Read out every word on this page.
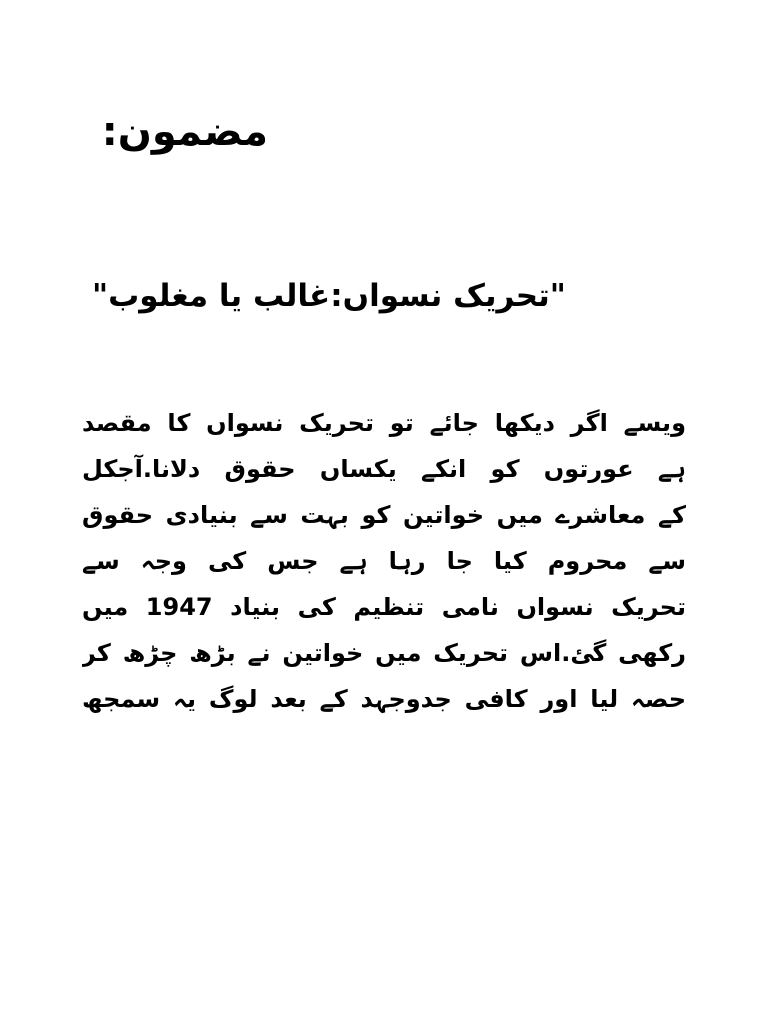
مضمون:
"تحریک نسواں:غالب یا مغلوب"
ویسے اگر دیکھا جائے تو تحریک نسواں کا مقصد
ہے عورتوں کو انکے یکساں حقوق دلانا.آجکل
کے معاشرے میں خواتین کو بہت سے بنیادی حقوق
سے محروم کیا جا رہا ہے جس کی وجہ سے
تحریک نسواں نامی تنظیم کی بنیاد 1947 میں
رکھی گئ.اس تحریک میں خواتین نے بڑھ چڑھ کر
حصہ لیا اور کافی جدوجہد کے بعد لوگ یہ سمجھ
